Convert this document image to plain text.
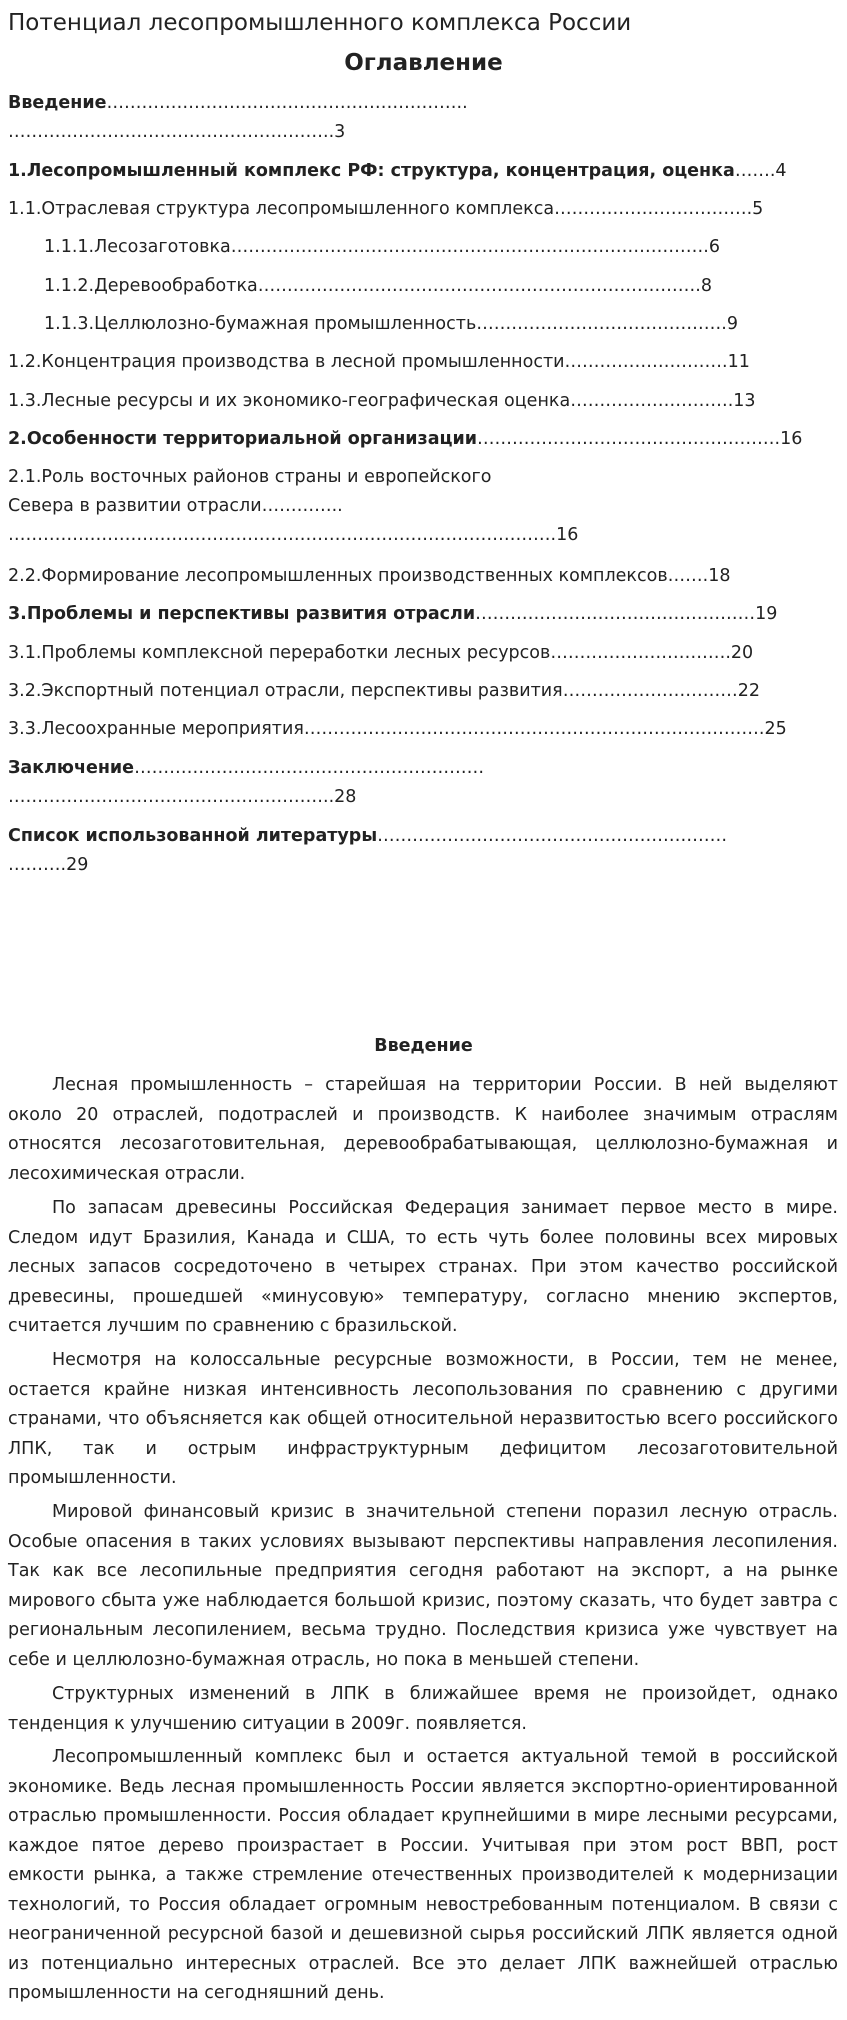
Потенциал лесопромышленного комплекса России
Оглавление
Введение……………………………………………………..
………………………………………………..3
1.Лесопромышленный комплекс РФ: структура, концентрация, оценка…….4
1.1.Отраслевая структура лесопромышленного комплекса…………………………….5
1.1.1.Лесозаготовка……………………………………………………………………….6
1.1.2.Деревообработка………………………………………………………………….8
1.1.3.Целлюлозно-бумажная промышленность…………………………………….9
1.2.Концентрация производства в лесной промышленности……………………….11
1.3.Лесные ресурсы и их экономико-географическая оценка……………………….13
2.Особенности территориальной организации…………………………………………….16
2.1.Роль восточных районов страны и европейского
Севера в развитии отрасли…………..
………………………………………………………………………………….16
2.2.Формирование лесопромышленных производственных комплексов…….18
3.Проблемы и перспективы развития отрасли…………………………………………19
3.1.Проблемы комплексной переработки лесных ресурсов………………………….20
3.2.Экспортный потенциал отрасли, перспективы развития…………………………22
3.3.Лесоохранные мероприятия…………………………………………………………………….25
Заключение……………………………………………………
………………………………………………..28
Список использованной литературы……………………………………………………
……….29
Введение

Лесная промышленность – старейшая на территории России. В ней выделяют около 20 отраслей, подотраслей и производств. К наиболее значимым отраслям относятся лесозаготовительная, деревообрабатывающая, целлюлозно-бумажная и лесохимическая отрасли.

По запасам древесины Российская Федерация занимает первое место в мире. Следом идут Бразилия, Канада и США, то есть чуть более половины всех мировых лесных запасов сосредоточено в четырех странах. При этом качество российской древесины, прошедшей «минусовую» температуру, согласно мнению экспертов, считается лучшим по сравнению с бразильской.

Несмотря на колоссальные ресурсные возможности, в России, тем не менее, остается крайне низкая интенсивность лесопользования по сравнению с другими странами, что объясняется как общей относительной неразвитостью всего российского ЛПК, так и острым инфраструктурным дефицитом лесозаготовительной промышленности.

Мировой финансовый кризис в значительной степени поразил лесную отрасль. Особые опасения в таких условиях вызывают перспективы направления лесопиления. Так как все лесопильные предприятия сегодня работают на экспорт, а на рынке мирового сбыта уже наблюдается большой кризис, поэтому сказать, что будет завтра с региональным лесопилением, весьма трудно. Последствия кризиса уже чувствует на себе и целлюлозно-бумажная отрасль, но пока в меньшей степени.

Структурных изменений в ЛПК в ближайшее время не произойдет, однако тенденция к улучшению ситуации в 2009г. появляется.

Лесопромышленный комплекс был и остается актуальной темой в российской экономике. Ведь лесная промышленность России является экспортно-ориентированной отраслью промышленности. Россия обладает крупнейшими в мире лесными ресурсами, каждое пятое дерево произрастает в России. Учитывая при этом рост ВВП, рост емкости рынка, а также стремление отечественных производителей к модернизации технологий, то Россия обладает огромным невостребованным потенциалом. В связи с неограниченной ресурсной базой и дешевизной сырья российский ЛПК является одной из потенциально интересных отраслей. Все это делает ЛПК важнейшей отраслью промышленности на сегодняшний день.
